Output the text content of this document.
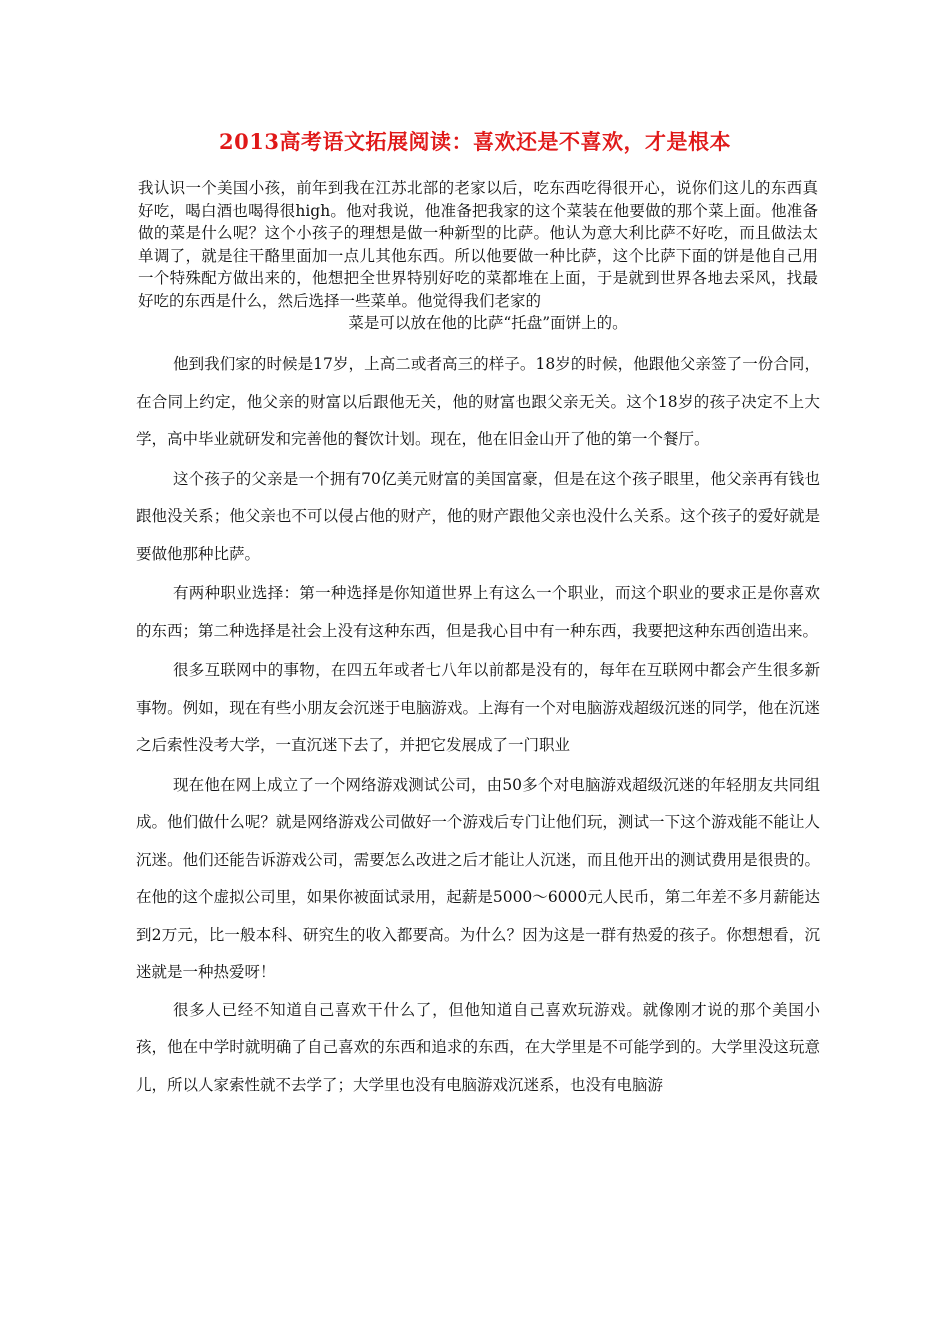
2013高考语文拓展阅读：喜欢还是不喜欢，才是根本
我认识一个美国小孩，前年到我在江苏北部的老家以后，吃东西吃得很开心，说你们这儿的东西真好吃，喝白酒也喝得很high。他对我说，他准备把我家的这个菜装在他要做的那个菜上面。他准备做的菜是什么呢？这个小孩子的理想是做一种新型的比萨。他认为意大利比萨不好吃，而且做法太单调了，就是往干酪里面加一点儿其他东西。所以他要做一种比萨，这个比萨下面的饼是他自己用一个特殊配方做出来的，他想把全世界特别好吃的菜都堆在上面，于是就到世界各地去采风，找最好吃的东西是什么，然后选择一些菜单。他觉得我们老家的
菜是可以放在他的比萨“托盘”面饼上的。

他到我们家的时候是17岁，上高二或者高三的样子。18岁的时候，他跟他父亲签了一份合同，在合同上约定，他父亲的财富以后跟他无关，他的财富也跟父亲无关。这个18岁的孩子决定不上大学，高中毕业就研发和完善他的餐饮计划。现在，他在旧金山开了他的第一个餐厅。

这个孩子的父亲是一个拥有70亿美元财富的美国富豪，但是在这个孩子眼里，他父亲再有钱也跟他没关系；他父亲也不可以侵占他的财产，他的财产跟他父亲也没什么关系。这个孩子的爱好就是要做他那种比萨。

有两种职业选择：第一种选择是你知道世界上有这么一个职业，而这个职业的要求正是你喜欢的东西；第二种选择是社会上没有这种东西，但是我心目中有一种东西，我要把这种东西创造出来。

很多互联网中的事物，在四五年或者七八年以前都是没有的，每年在互联网中都会产生很多新事物。例如，现在有些小朋友会沉迷于电脑游戏。上海有一个对电脑游戏超级沉迷的同学，他在沉迷之后索性没考大学，一直沉迷下去了，并把它发展成了一门职业

现在他在网上成立了一个网络游戏测试公司，由50多个对电脑游戏超级沉迷的年轻朋友共同组成。他们做什么呢？就是网络游戏公司做好一个游戏后专门让他们玩，测试一下这个游戏能不能让人沉迷。他们还能告诉游戏公司，需要怎么改进之后才能让人沉迷，而且他开出的测试费用是很贵的。在他的这个虚拟公司里，如果你被面试录用，起薪是5000～6000元人民币，第二年差不多月薪能达到2万元，比一般本科、研究生的收入都要高。为什么？因为这是一群有热爱的孩子。你想想看，沉迷就是一种热爱呀！

很多人已经不知道自己喜欢干什么了，但他知道自己喜欢玩游戏。就像刚才说的那个美国小孩，他在中学时就明确了自己喜欢的东西和追求的东西，在大学里是不可能学到的。大学里没这玩意儿，所以人家索性就不去学了；大学里也没有电脑游戏沉迷系，也没有电脑游
